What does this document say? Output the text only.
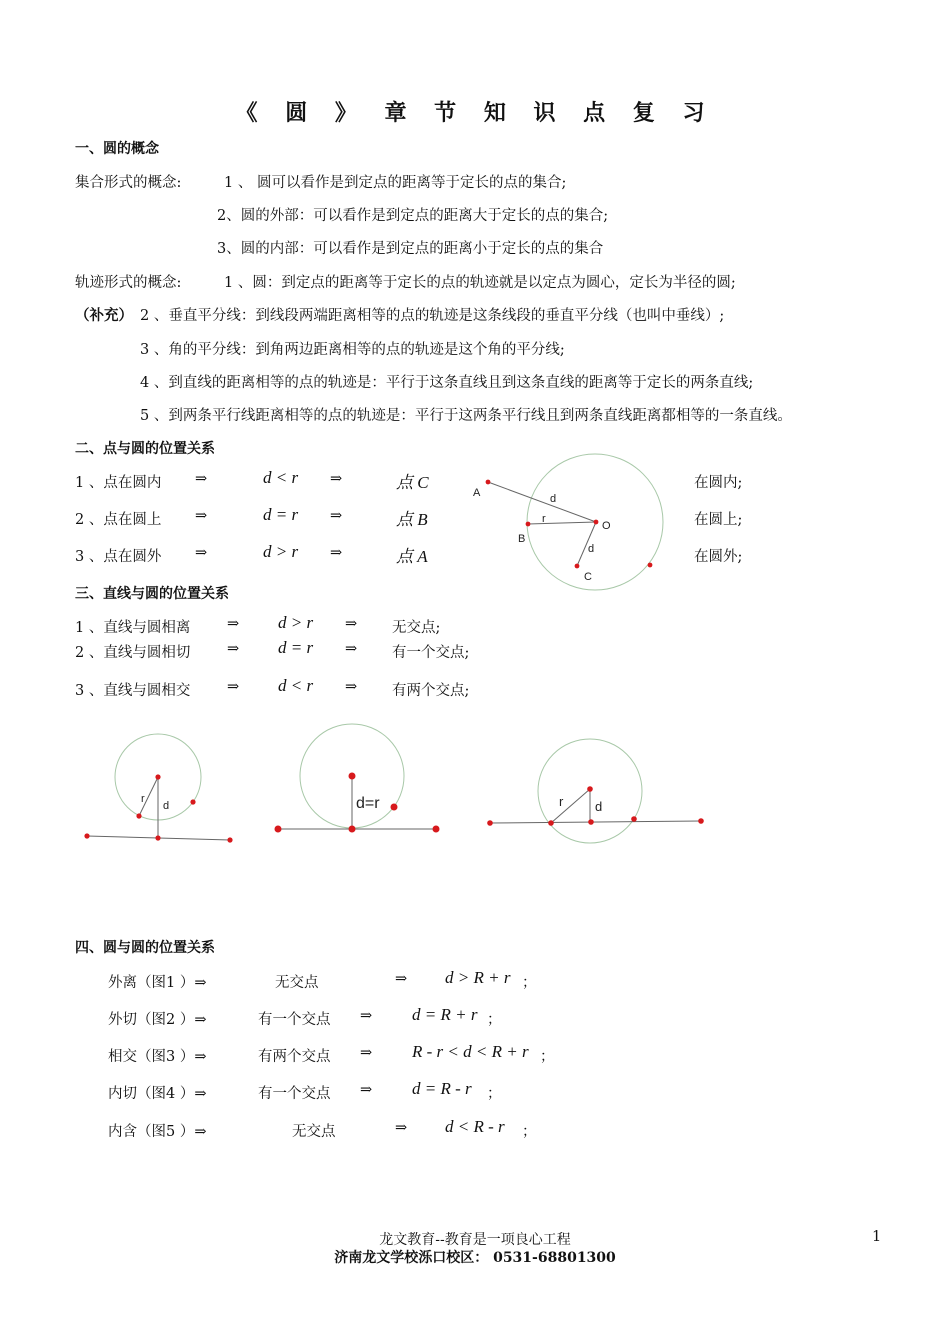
《 圆 》 章 节 知 识 点 复 习
一、圆的概念
集合形式的概念:	1 、 圆可以看作是到定点的距离等于定长的点的集合;
2、圆的外部：可以看作是到定点的距离大于定长的点的集合;
3、圆的内部：可以看作是到定点的距离小于定长的点的集合
轨迹形式的概念:	1 、圆：到定点的距离等于定长的点的轨迹就是以定点为圆心，定长为半径的圆;
（补充） 2 、垂直平分线：到线段两端距离相等的点的轨迹是这条线段的垂直平分线（也叫中垂线）;
3 、角的平分线：到角两边距离相等的点的轨迹是这个角的平分线;
4 、到直线的距离相等的点的轨迹是：平行于这条直线且到这条直线的距离等于定长的两条直线;
5 、到两条平行线距离相等的点的轨迹是：平行于这两条平行线且到两条直线距离都相等的一条直线。
二、点与圆的位置关系
1 、点在圆内 ⇒	d < r ⇒	点 C	在圆内;
2 、点在圆上 ⇒	d = r ⇒	点 B	在圆上;
3 、点在圆外 ⇒	d > r ⇒	点 A	在圆外;
A
B
C
O
d
r
d
三、直线与圆的位置关系
1 、直线与圆相离	⇒ d > r ⇒ 无交点;
2 、直线与圆相切	⇒ d = r ⇒ 有一个交点;
3 、直线与圆相交	⇒ d < r ⇒ 有两个交点;
r
d	d=r	r d
四、圆与圆的位置关系
外离（图1 ）⇒	无交点	⇒ d > R + r ；
外切（图2 ）⇒	有一个交点 ⇒ d = R + r ；
相交（图3 ）⇒	有两个交点 ⇒ R - r < d < R + r ；
内切（图4 ）⇒	有一个交点 ⇒ d = R - r ；
内含（图5 ）⇒	无交点	⇒ d < R - r ；
龙文教育--教育是一项良心工程
济南龙文学校泺口校区： 0531-68801300
1
